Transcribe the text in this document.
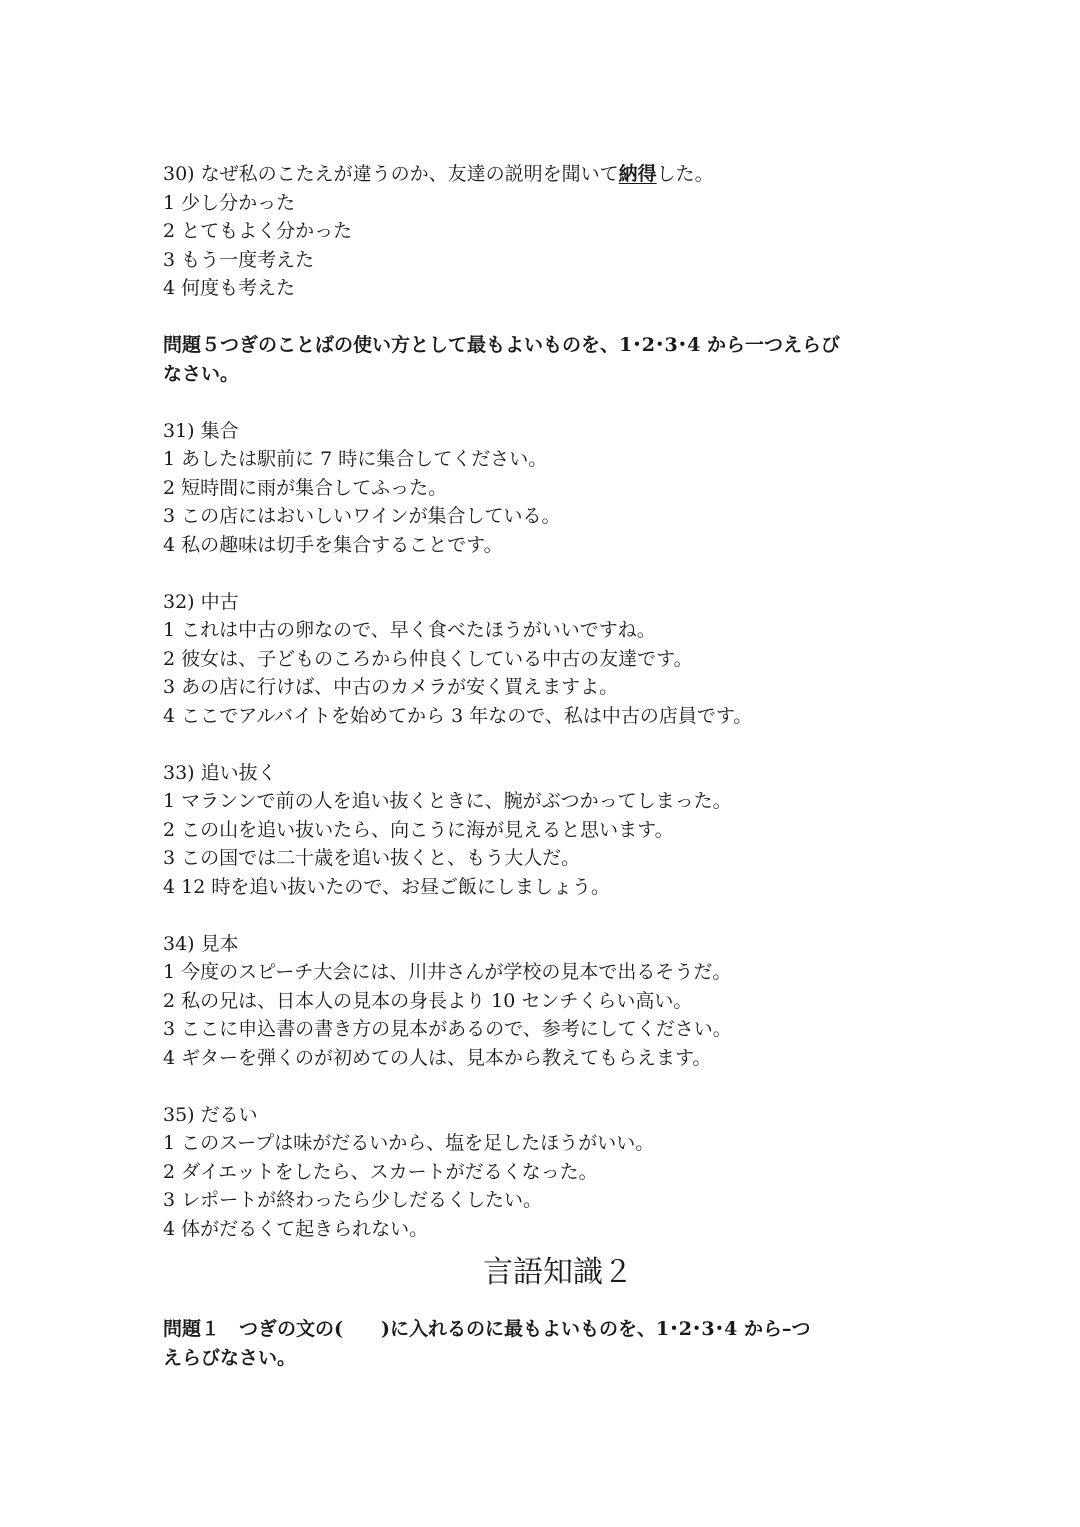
30) なぜ私のこたえが違うのか、友達の説明を聞いて納得した。
1 少し分かった
2 とてもよく分かった
3 もう一度考えた
4 何度も考えた
問題５つぎのことばの使い方として最もよいものを、1･2･3･4 から一つえらび
なさい。
31) 集合
1 あしたは駅前に 7 時に集合してください。
2 短時間に雨が集合してふった。
3 この店にはおいしいワインが集合している。
4 私の趣味は切手を集合することです。
32) 中古
1 これは中古の卵なので、早く食べたほうがいいですね。
2 彼女は、子どものころから仲良くしている中古の友達です。
3 あの店に行けば、中古のカメラが安く買えますよ。
4 ここでアルバイトを始めてから 3 年なので、私は中古の店員です。
33) 追い抜く
1 マランンで前の人を追い抜くときに、腕がぶつかってしまった。
2 この山を追い抜いたら、向こうに海が見えると思います。
3 この国では二十歳を追い抜くと、もう大人だ。
4 12 時を追い抜いたので、お昼ご飯にしましょう。
34) 見本
1 今度のスピーチ大会には、川井さんが学校の見本で出るそうだ。
2 私の兄は、日本人の見本の身長より 10 センチくらい高い。
3 ここに申込書の書き方の見本があるので、参考にしてください。
4 ギターを弾くのが初めての人は、見本から教えてもらえます。
35) だるい
1 このスープは味がだるいから、塩を足したほうがいい。
2 ダイエットをしたら、スカートがだるくなった。
3 レポートが終わったら少しだるくしたい。
4 体がだるくて起きられない。
言語知識２
問題１　つぎの文の(　　)に入れるのに最もよいものを、1･2･3･4 から–つ
えらびなさい。
